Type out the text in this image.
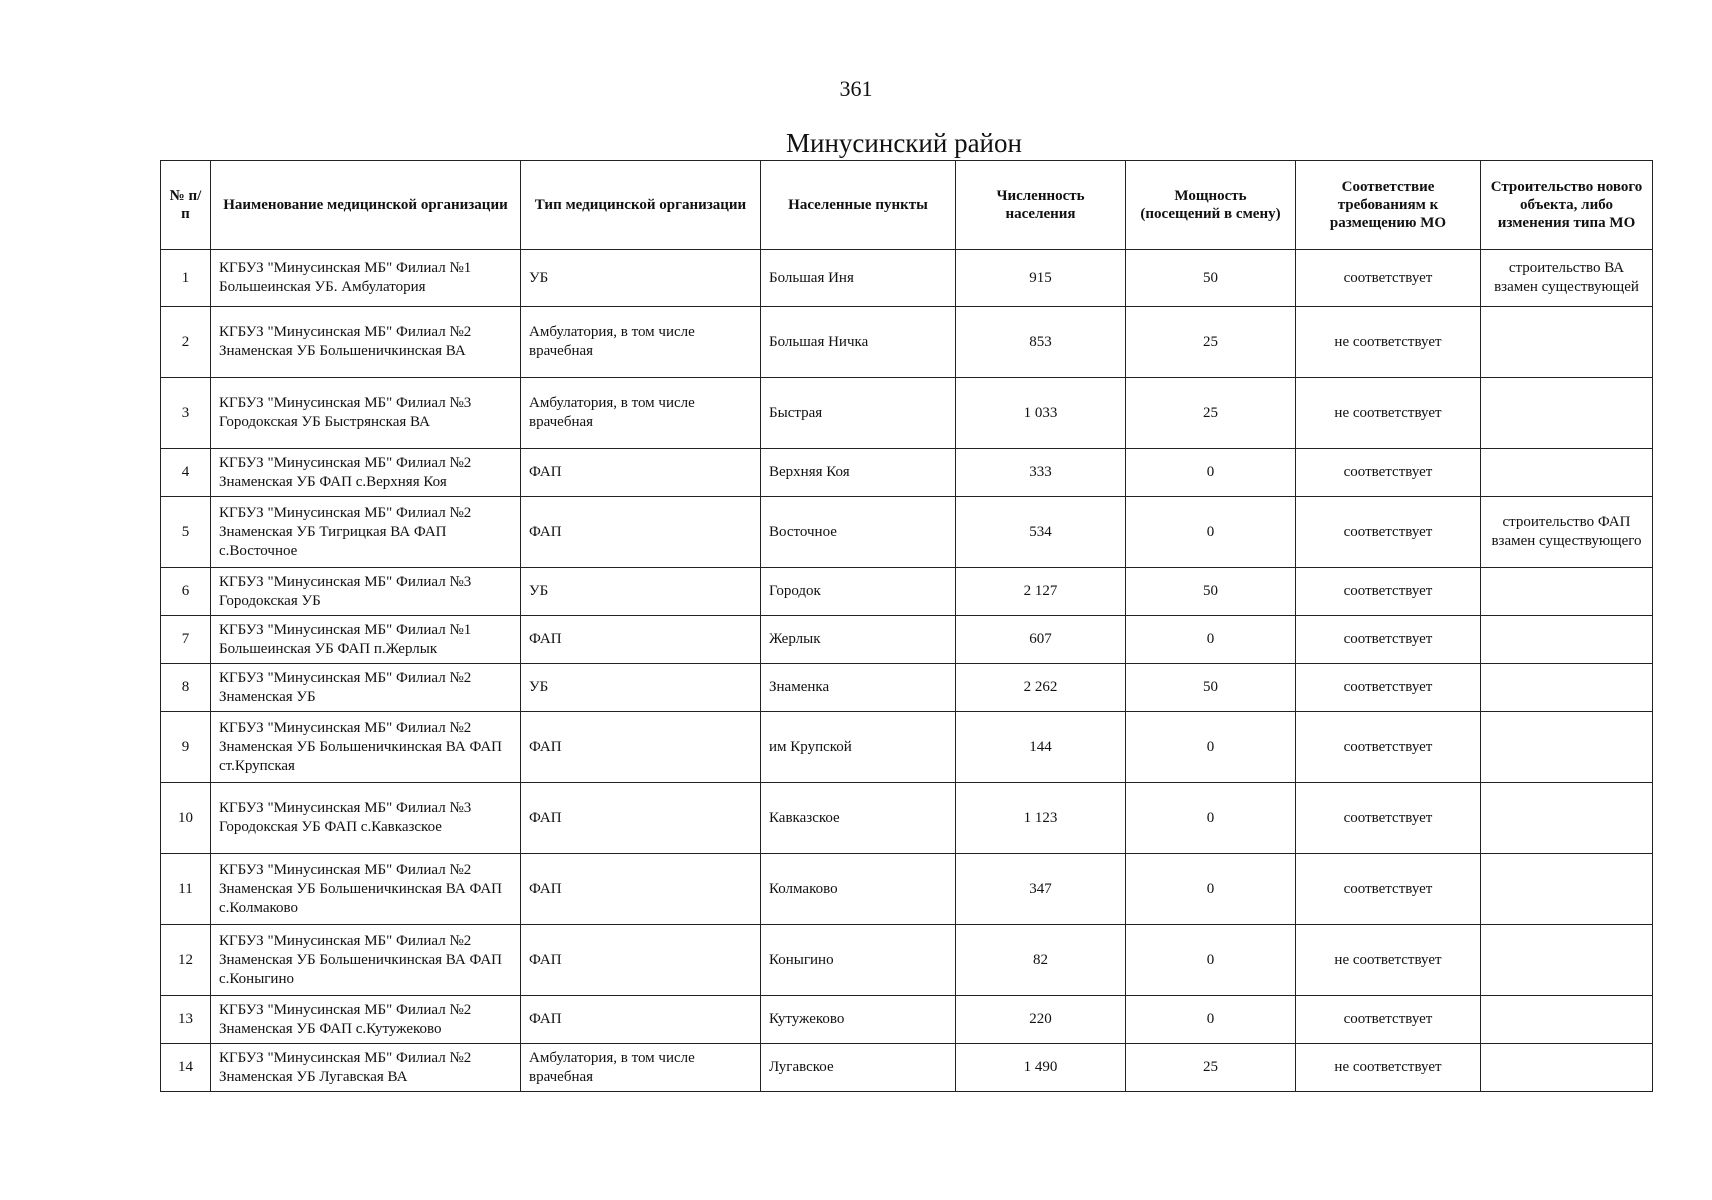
361
Минусинский район
№ п/п	Наименование медицинской организации	Тип медицинской организации	Населенные пункты	Численность населения	Мощность (посещений в смену)	Соответствие требованиям к размещению МО	Строительство нового объекта, либо изменения типа МО
1	КГБУЗ "Минусинская МБ" Филиал №1 Большеинская УБ. Амбулатория	УБ	Большая Иня	915	50	соответствует	строительство ВА взамен существующей
2	КГБУЗ "Минусинская МБ" Филиал №2 Знаменская УБ Большеничкинская ВА	Амбулатория, в том числе врачебная	Большая Ничка	853	25	не соответствует	
3	КГБУЗ "Минусинская МБ" Филиал №3 Городокская УБ Быстрянская ВА	Амбулатория, в том числе врачебная	Быстрая	1 033	25	не соответствует	
4	КГБУЗ "Минусинская МБ" Филиал №2 Знаменская УБ ФАП с.Верхняя Коя	ФАП	Верхняя Коя	333	0	соответствует	
5	КГБУЗ "Минусинская МБ" Филиал №2 Знаменская УБ Тигрицкая ВА ФАП с.Восточное	ФАП	Восточное	534	0	соответствует	строительство ФАП взамен существующего
6	КГБУЗ "Минусинская МБ" Филиал №3 Городокская УБ	УБ	Городок	2 127	50	соответствует	
7	КГБУЗ "Минусинская МБ" Филиал №1 Большеинская УБ ФАП п.Жерлык	ФАП	Жерлык	607	0	соответствует	
8	КГБУЗ "Минусинская МБ" Филиал №2 Знаменская УБ	УБ	Знаменка	2 262	50	соответствует	
9	КГБУЗ "Минусинская МБ" Филиал №2 Знаменская УБ Большеничкинская ВА ФАП ст.Крупская	ФАП	им Крупской	144	0	соответствует	
10	КГБУЗ "Минусинская МБ" Филиал №3 Городокская УБ ФАП с.Кавказское	ФАП	Кавказское	1 123	0	соответствует	
11	КГБУЗ "Минусинская МБ" Филиал №2 Знаменская УБ Большеничкинская ВА ФАП с.Колмаково	ФАП	Колмаково	347	0	соответствует	
12	КГБУЗ "Минусинская МБ" Филиал №2 Знаменская УБ Большеничкинская ВА ФАП с.Коныгино	ФАП	Коныгино	82	0	не соответствует	
13	КГБУЗ "Минусинская МБ" Филиал №2 Знаменская УБ ФАП с.Кутужеково	ФАП	Кутужеково	220	0	соответствует	
14	КГБУЗ "Минусинская МБ" Филиал №2 Знаменская УБ Лугавская ВА	Амбулатория, в том числе врачебная	Лугавское	1 490	25	не соответствует	
